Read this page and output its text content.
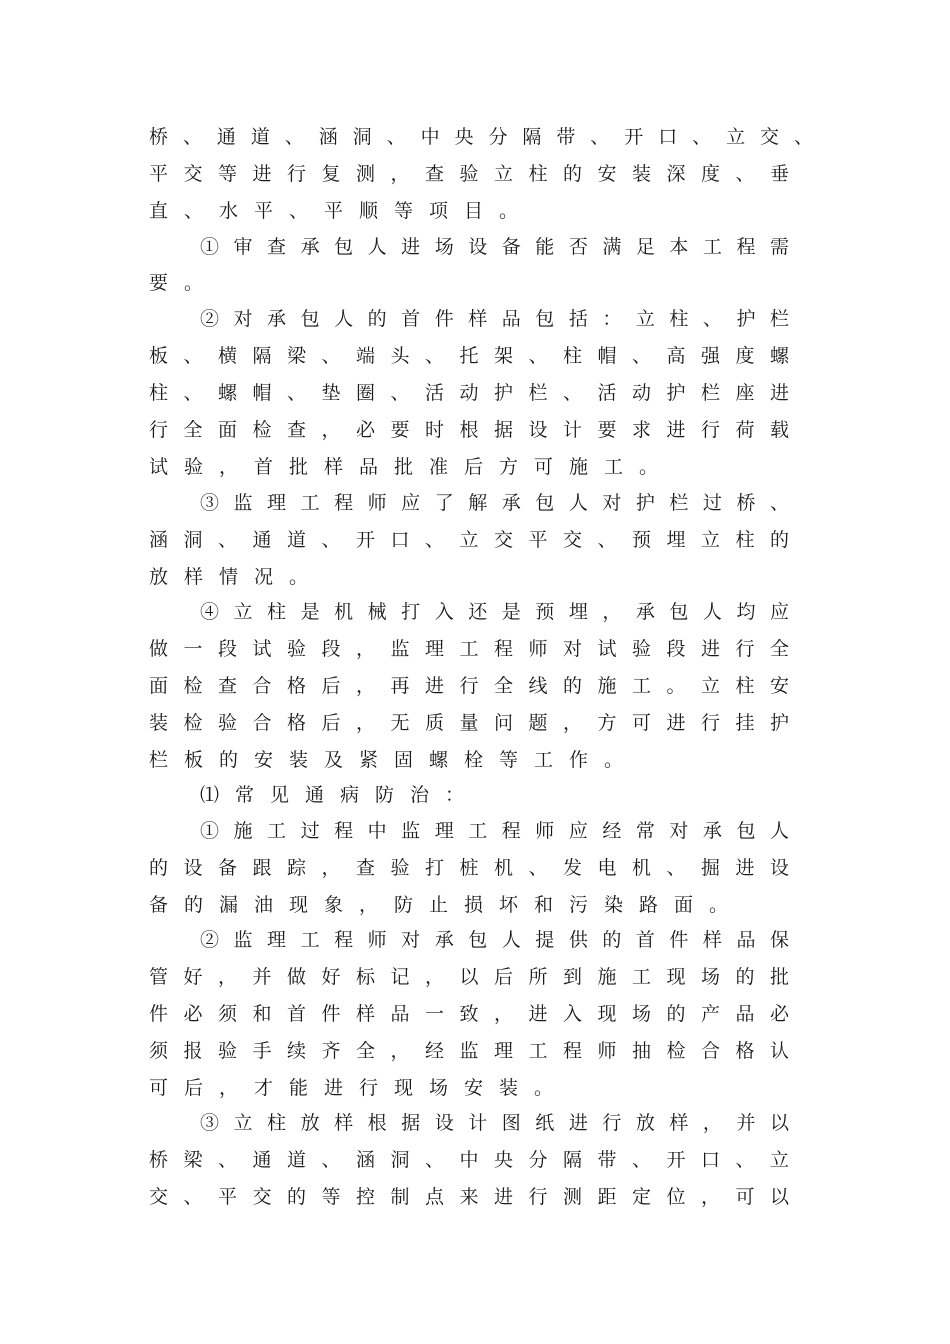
桥、通道、涵洞、中央分隔带、开口、立交、
平交等进行复测，查验立柱的安装深度、垂
直、水平、平顺等项目。
①审查承包人进场设备能否满足本工程需
要。
②对承包人的首件样品包括：立柱、护栏
板、横隔梁、端头、托架、柱帽、高强度螺
柱、螺帽、垫圈、活动护栏、活动护栏座进
行全面检查，必要时根据设计要求进行荷载
试验，首批样品批准后方可施工。
③监理工程师应了解承包人对护栏过桥、
涵洞、通道、开口、立交平交、预埋立柱的
放样情况。
④立柱是机械打入还是预埋，承包人均应
做一段试验段，监理工程师对试验段进行全
面检查合格后，再进行全线的施工。立柱安
装检验合格后，无质量问题，方可进行挂护
栏板的安装及紧固螺栓等工作。
⑴常见通病防治：
①施工过程中监理工程师应经常对承包人
的设备跟踪，查验打桩机、发电机、掘进设
备的漏油现象，防止损坏和污染路面。
②监理工程师对承包人提供的首件样品保
管好，并做好标记，以后所到施工现场的批
件必须和首件样品一致，进入现场的产品必
须报验手续齐全，经监理工程师抽检合格认
可后，才能进行现场安装。
③立柱放样根据设计图纸进行放样，并以
桥梁、通道、涵洞、中央分隔带、开口、立
交、平交的等控制点来进行测距定位，可以
